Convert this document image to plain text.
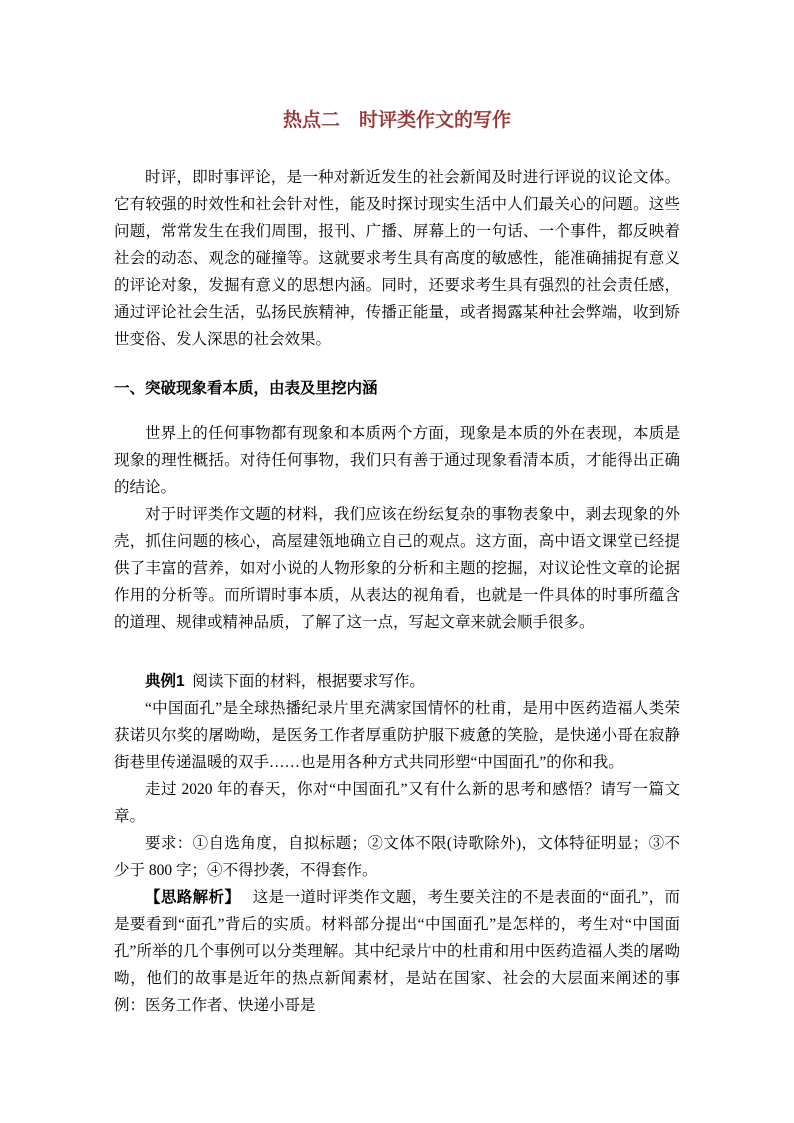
热点二　时评类作文的写作

时评，即时事评论，是一种对新近发生的社会新闻及时进行评说的议论文体。它有较强的时效性和社会针对性，能及时探讨现实生活中人们最关心的问题。这些问题，常常发生在我们周围，报刊、广播、屏幕上的一句话、一个事件，都反映着社会的动态、观念的碰撞等。这就要求考生具有高度的敏感性，能准确捕捉有意义的评论对象，发掘有意义的思想内涵。同时，还要求考生具有强烈的社会责任感，通过评论社会生活，弘扬民族精神，传播正能量，或者揭露某种社会弊端，收到矫世变俗、发人深思的社会效果。

一、突破现象看本质，由表及里挖内涵

世界上的任何事物都有现象和本质两个方面，现象是本质的外在表现，本质是现象的理性概括。对待任何事物，我们只有善于通过现象看清本质，才能得出正确的结论。

对于时评类作文题的材料，我们应该在纷纭复杂的事物表象中，剥去现象的外壳，抓住问题的核心，高屋建瓴地确立自己的观点。这方面，高中语文课堂已经提供了丰富的营养，如对小说的人物形象的分析和主题的挖掘，对议论性文章的论据作用的分析等。而所谓时事本质，从表达的视角看，也就是一件具体的时事所蕴含的道理、规律或精神品质，了解了这一点，写起文章来就会顺手很多。

典例1 阅读下面的材料，根据要求写作。

“中国面孔”是全球热播纪录片里充满家国情怀的杜甫，是用中医药造福人类荣获诺贝尔奖的屠呦呦，是医务工作者厚重防护服下疲惫的笑脸，是快递小哥在寂静街巷里传递温暖的双手……也是用各种方式共同形塑“中国面孔”的你和我。

走过 2020 年的春天，你对“中国面孔”又有什么新的思考和感悟？请写一篇文章。

要求：①自选角度，自拟标题；②文体不限(诗歌除外)，文体特征明显；③不少于 800 字；④不得抄袭，不得套作。

【思路解析】 这是一道时评类作文题，考生要关注的不是表面的“面孔”，而是要看到“面孔”背后的实质。材料部分提出“中国面孔”是怎样的，考生对“中国面孔”所举的几个事例可以分类理解。其中纪录片中的杜甫和用中医药造福人类的屠呦呦，他们的故事是近年的热点新闻素材，是站在国家、社会的大层面来阐述的事例：医务工作者、快递小哥是
